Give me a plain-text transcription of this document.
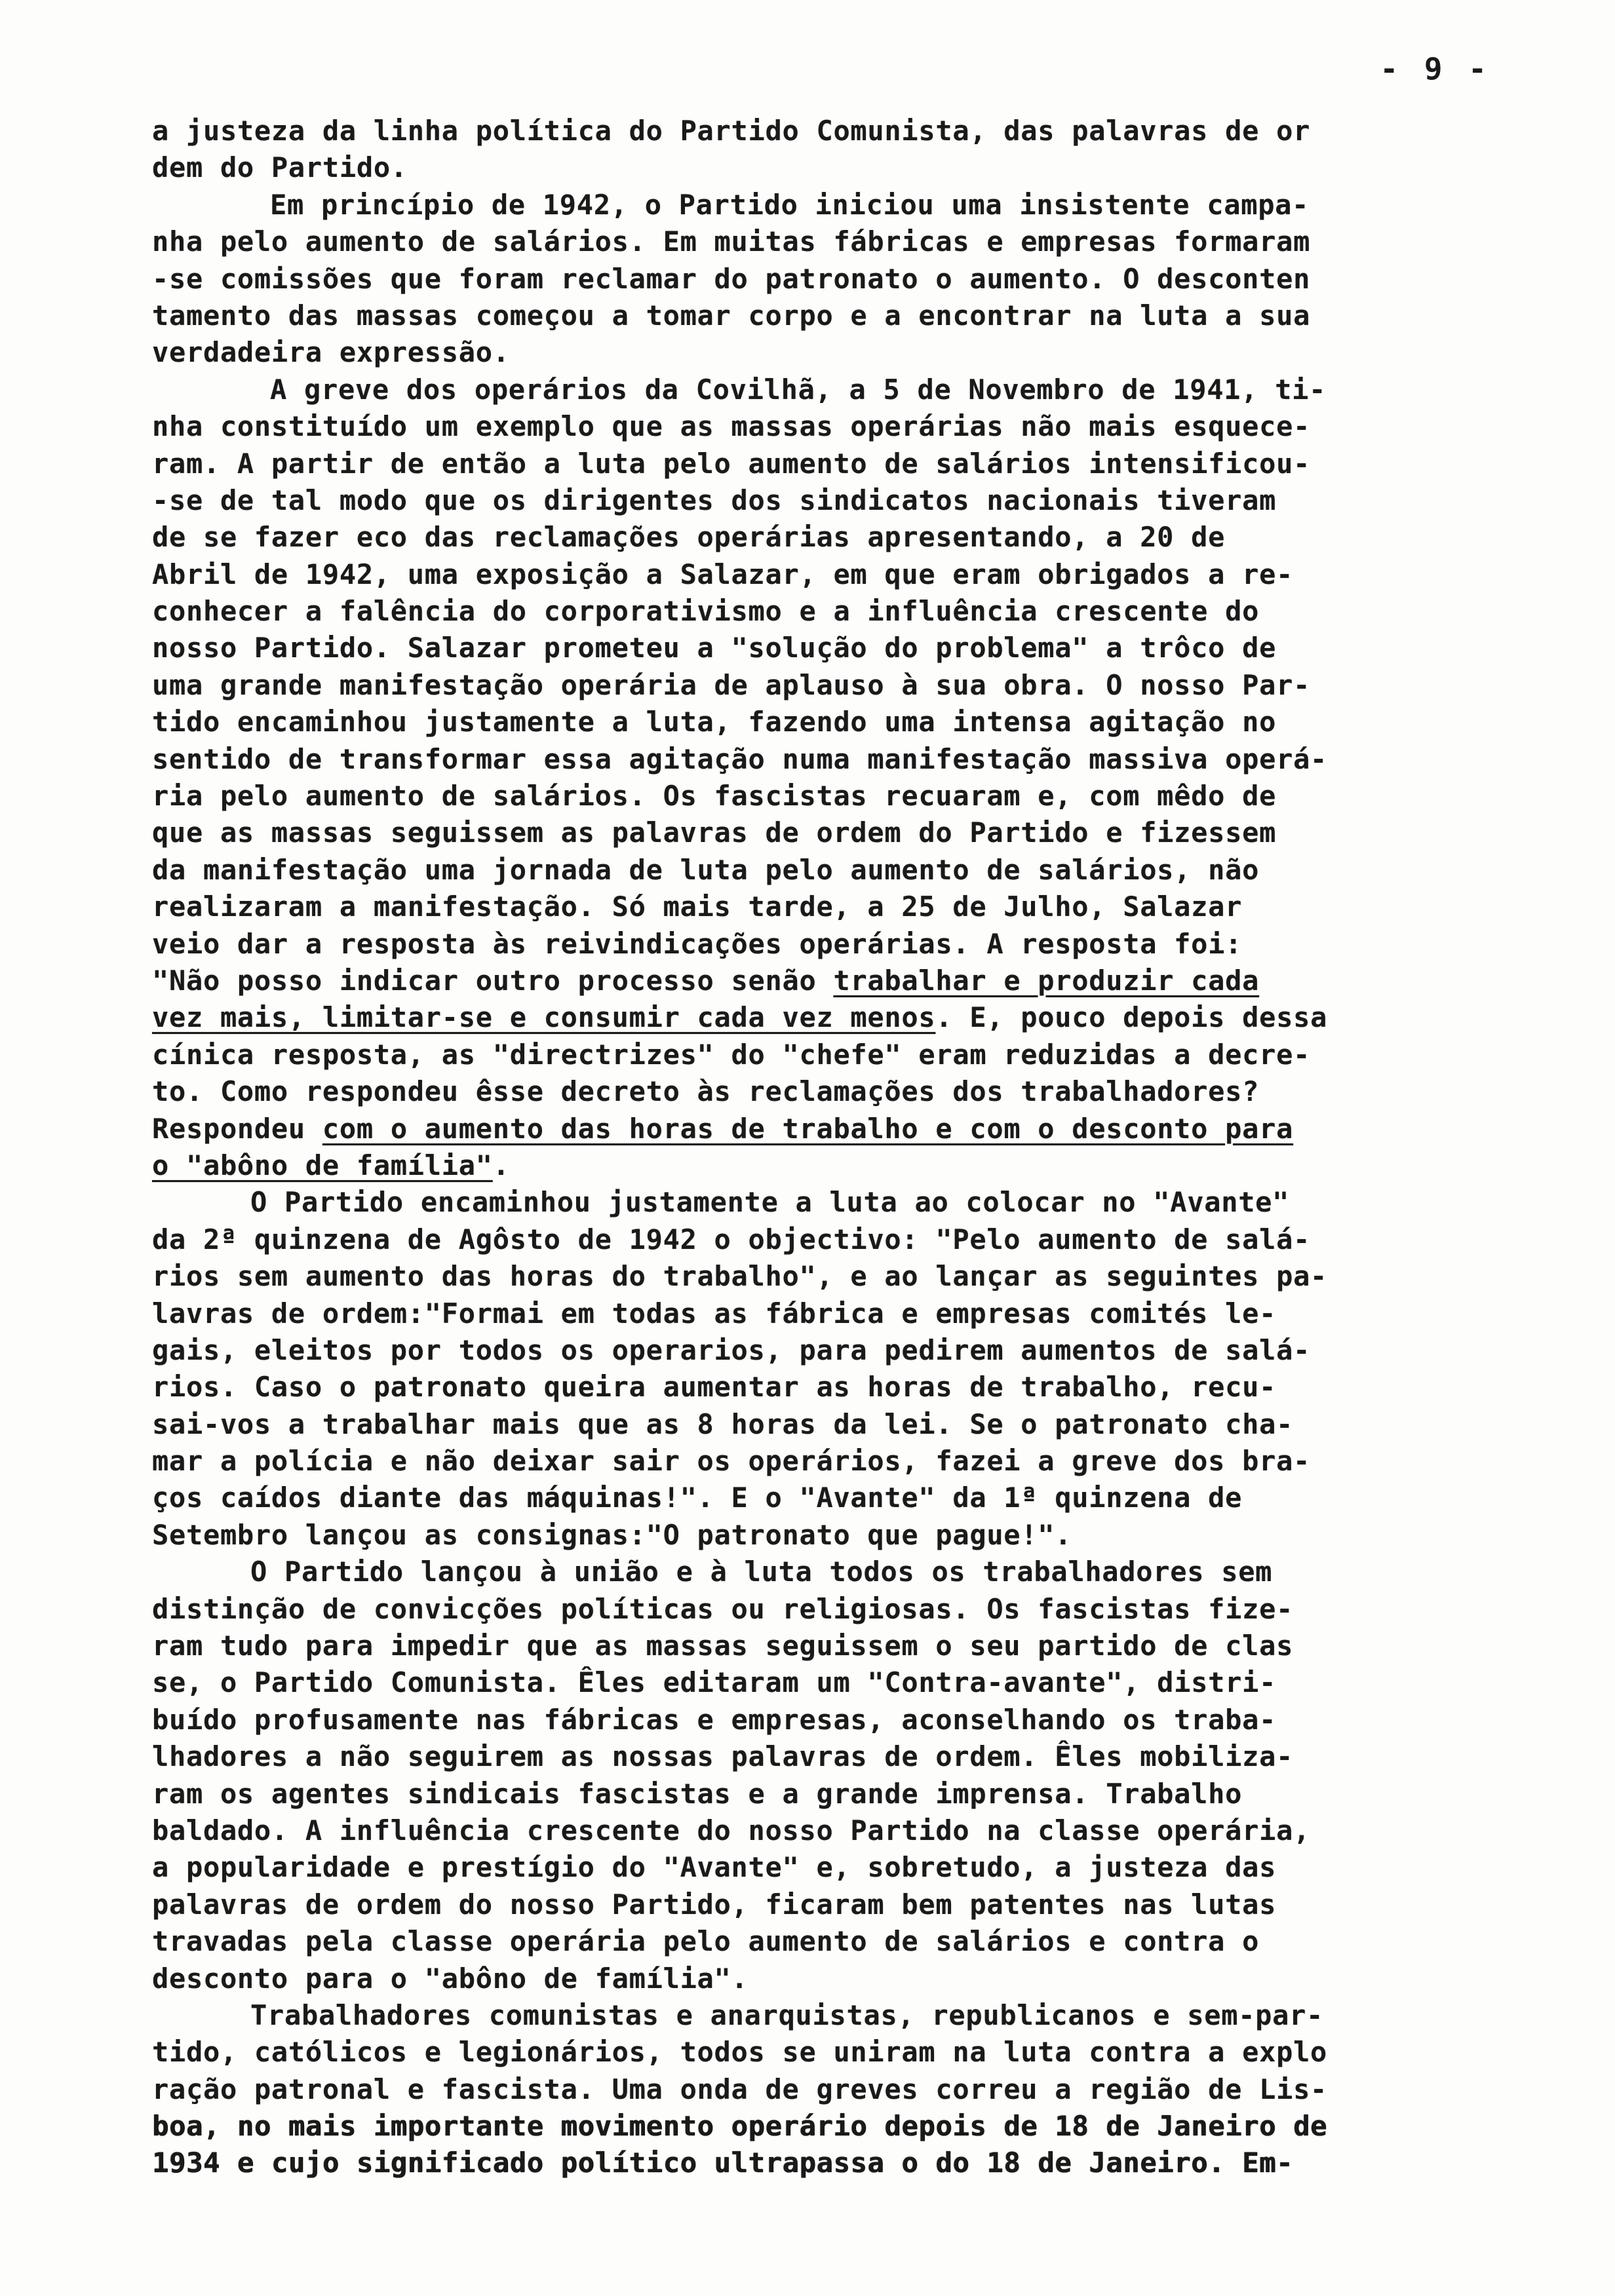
- 9 -
a justeza da linha política do Partido Comunista, das palavras de or
dem do Partido.
Em princípio de 1942, o Partido iniciou uma insistente campa-
nha pelo aumento de salários. Em muitas fábricas e empresas formaram
-se comissões que foram reclamar do patronato o aumento. O desconten
tamento das massas começou a tomar corpo e a encontrar na luta a sua
verdadeira expressão.
A greve dos operários da Covilhã, a 5 de Novembro de 1941, ti-
nha constituído um exemplo que as massas operárias não mais esquece-
ram. A partir de então a luta pelo aumento de salários intensificou-
-se de tal modo que os dirigentes dos sindicatos nacionais tiveram
de se fazer eco das reclamações operárias apresentando, a 20 de
Abril de 1942, uma exposição a Salazar, em que eram obrigados a re-
conhecer a falência do corporativismo e a influência crescente do
nosso Partido. Salazar prometeu a "solução do problema" a trôco de
uma grande manifestação operária de aplauso à sua obra. O nosso Par-
tido encaminhou justamente a luta, fazendo uma intensa agitação no
sentido de transformar essa agitação numa manifestação massiva operá-
ria pelo aumento de salários. Os fascistas recuaram e, com mêdo de
que as massas seguissem as palavras de ordem do Partido e fizessem
da manifestação uma jornada de luta pelo aumento de salários, não
realizaram a manifestação. Só mais tarde, a 25 de Julho, Salazar
veio dar a resposta às reivindicações operárias. A resposta foi:
"Não posso indicar outro processo senão trabalhar e produzir cada
vez mais, limitar-se e consumir cada vez menos. E, pouco depois dessa
cínica resposta, as "directrizes" do "chefe" eram reduzidas a decre-
to. Como respondeu êsse decreto às reclamações dos trabalhadores?
Respondeu com o aumento das horas de trabalho e com o desconto para
o "abôno de família".
O Partido encaminhou justamente a luta ao colocar no "Avante"
da 2ª quinzena de Agôsto de 1942 o objectivo: "Pelo aumento de salá-
rios sem aumento das horas do trabalho", e ao lançar as seguintes pa-
lavras de ordem:"Formai em todas as fábrica e empresas comités le-
gais, eleitos por todos os operarios, para pedirem aumentos de salá-
rios. Caso o patronato queira aumentar as horas de trabalho, recu-
sai-vos a trabalhar mais que as 8 horas da lei. Se o patronato cha-
mar a polícia e não deixar sair os operários, fazei a greve dos bra-
ços caídos diante das máquinas!". E o "Avante" da 1ª quinzena de
Setembro lançou as consignas:"O patronato que pague!".
O Partido lançou à união e à luta todos os trabalhadores sem
distinção de convicções políticas ou religiosas. Os fascistas fize-
ram tudo para impedir que as massas seguissem o seu partido de clas
se, o Partido Comunista. Êles editaram um "Contra-avante", distri-
buído profusamente nas fábricas e empresas, aconselhando os traba-
lhadores a não seguirem as nossas palavras de ordem. Êles mobiliza-
ram os agentes sindicais fascistas e a grande imprensa. Trabalho
baldado. A influência crescente do nosso Partido na classe operária,
a popularidade e prestígio do "Avante" e, sobretudo, a justeza das
palavras de ordem do nosso Partido, ficaram bem patentes nas lutas
travadas pela classe operária pelo aumento de salários e contra o
desconto para o "abôno de família".
Trabalhadores comunistas e anarquistas, republicanos e sem-par-
tido, católicos e legionários, todos se uniram na luta contra a explo
ração patronal e fascista. Uma onda de greves correu a região de Lis-
boa, no mais importante movimento operário depois de 18 de Janeiro de
1934 e cujo significado político ultrapassa o do 18 de Janeiro. Em-
